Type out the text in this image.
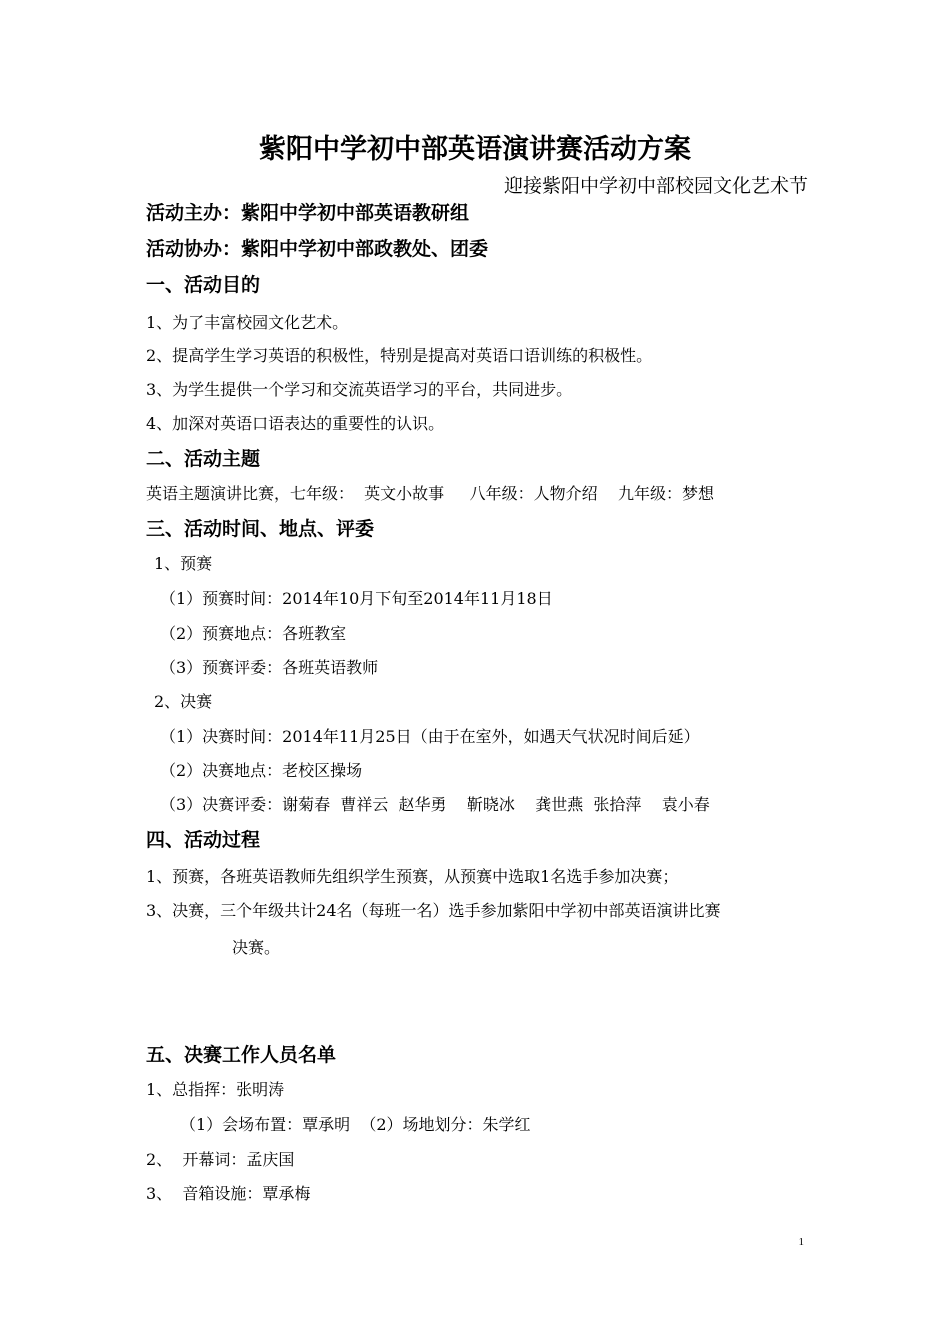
紫阳中学初中部英语演讲赛活动方案
迎接紫阳中学初中部校园文化艺术节
活动主办：紫阳中学初中部英语教研组
活动协办：紫阳中学初中部政教处、团委
一、活动目的
1、为了丰富校园文化艺术。
2、提高学生学习英语的积极性，特别是提高对英语口语训练的积极性。
3、为学生提供一个学习和交流英语学习的平台，共同进步。
4、加深对英语口语表达的重要性的认识。
二、活动主题
英语主题演讲比赛，七年级：  英文小故事     八年级：人物介绍    九年级：梦想
三、活动时间、地点、评委
1、预赛
（1）预赛时间：2014年10月下旬至2014年11月18日
（2）预赛地点：各班教室
（3）预赛评委：各班英语教师
2、决赛
（1）决赛时间：2014年11月25日（由于在室外，如遇天气状况时间后延）
（2）决赛地点：老校区操场
（3）决赛评委：谢菊春  曹祥云  赵华勇    靳晓冰    龚世燕  张拾萍    袁小春
四、活动过程
1、预赛，各班英语教师先组织学生预赛，从预赛中选取1名选手参加决赛；
3、决赛，三个年级共计24名（每班一名）选手参加紫阳中学初中部英语演讲比赛
决赛。
五、决赛工作人员名单
1、总指挥：张明涛
（1）会场布置：覃承明  （2）场地划分：朱学红
2、  开幕词：孟庆国
3、  音箱设施：覃承梅
1
